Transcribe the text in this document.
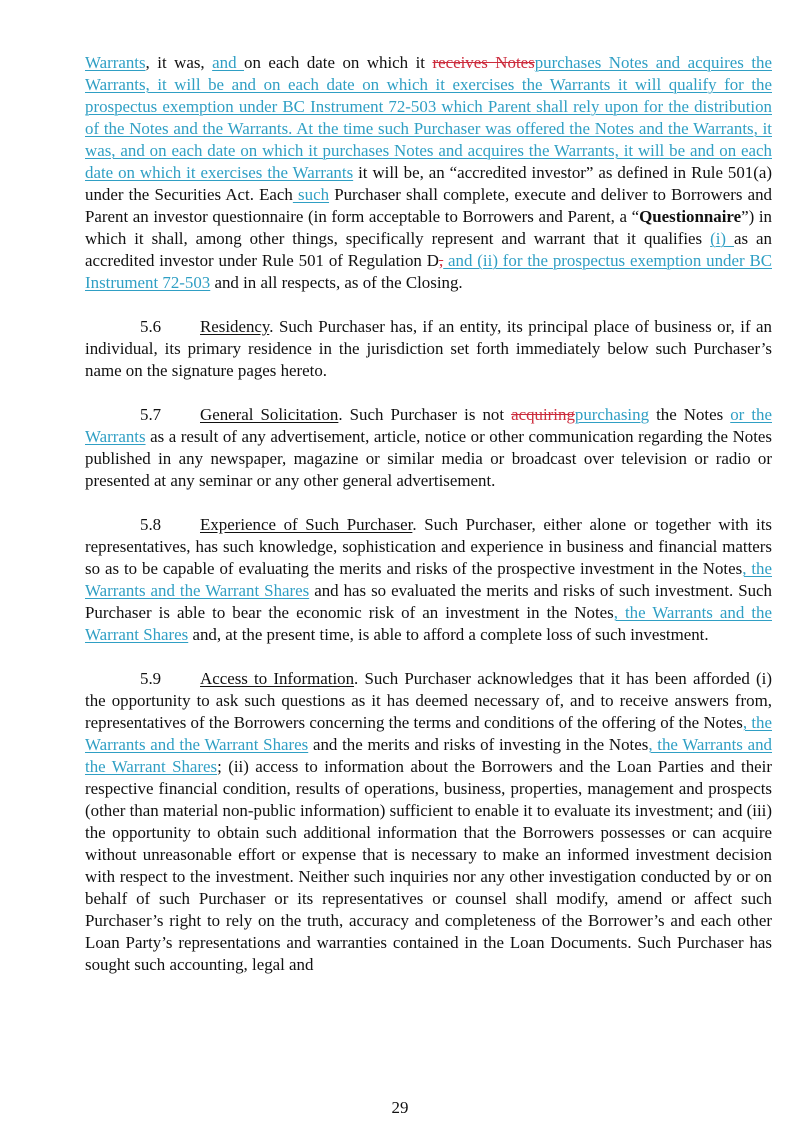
Warrants, it was, and on each date on which it receives Notespurchases Notes and acquires the Warrants, it will be and on each date on which it exercises the Warrants it will qualify for the prospectus exemption under BC Instrument 72-503 which Parent shall rely upon for the distribution of the Notes and the Warrants. At the time such Purchaser was offered the Notes and the Warrants, it was, and on each date on which it purchases Notes and acquires the Warrants, it will be and on each date on which it exercises the Warrants it will be, an “accredited investor” as defined in Rule 501(a) under the Securities Act. Each such Purchaser shall complete, execute and deliver to Borrowers and Parent an investor questionnaire (in form acceptable to Borrowers and Parent, a “Questionnaire”) in which it shall, among other things, specifically represent and warrant that it qualifies (i) as an accredited investor under Rule 501 of Regulation D, and (ii) for the prospectus exemption under BC Instrument 72-503 and in all respects, as of the Closing.

5.6 Residency. Such Purchaser has, if an entity, its principal place of business or, if an individual, its primary residence in the jurisdiction set forth immediately below such Purchaser’s name on the signature pages hereto.

5.7 General Solicitation. Such Purchaser is not acquiringpurchasing the Notes or the Warrants as a result of any advertisement, article, notice or other communication regarding the Notes published in any newspaper, magazine or similar media or broadcast over television or radio or presented at any seminar or any other general advertisement.

5.8 Experience of Such Purchaser. Such Purchaser, either alone or together with its representatives, has such knowledge, sophistication and experience in business and financial matters so as to be capable of evaluating the merits and risks of the prospective investment in the Notes, the Warrants and the Warrant Shares and has so evaluated the merits and risks of such investment. Such Purchaser is able to bear the economic risk of an investment in the Notes, the Warrants and the Warrant Shares and, at the present time, is able to afford a complete loss of such investment.

5.9 Access to Information. Such Purchaser acknowledges that it has been afforded (i) the opportunity to ask such questions as it has deemed necessary of, and to receive answers from, representatives of the Borrowers concerning the terms and conditions of the offering of the Notes, the Warrants and the Warrant Shares and the merits and risks of investing in the Notes, the Warrants and the Warrant Shares; (ii) access to information about the Borrowers and the Loan Parties and their respective financial condition, results of operations, business, properties, management and prospects (other than material non-public information) sufficient to enable it to evaluate its investment; and (iii) the opportunity to obtain such additional information that the Borrowers possesses or can acquire without unreasonable effort or expense that is necessary to make an informed investment decision with respect to the investment. Neither such inquiries nor any other investigation conducted by or on behalf of such Purchaser or its representatives or counsel shall modify, amend or affect such Purchaser’s right to rely on the truth, accuracy and completeness of the Borrower’s and each other Loan Party’s representations and warranties contained in the Loan Documents. Such Purchaser has sought such accounting, legal and

29
